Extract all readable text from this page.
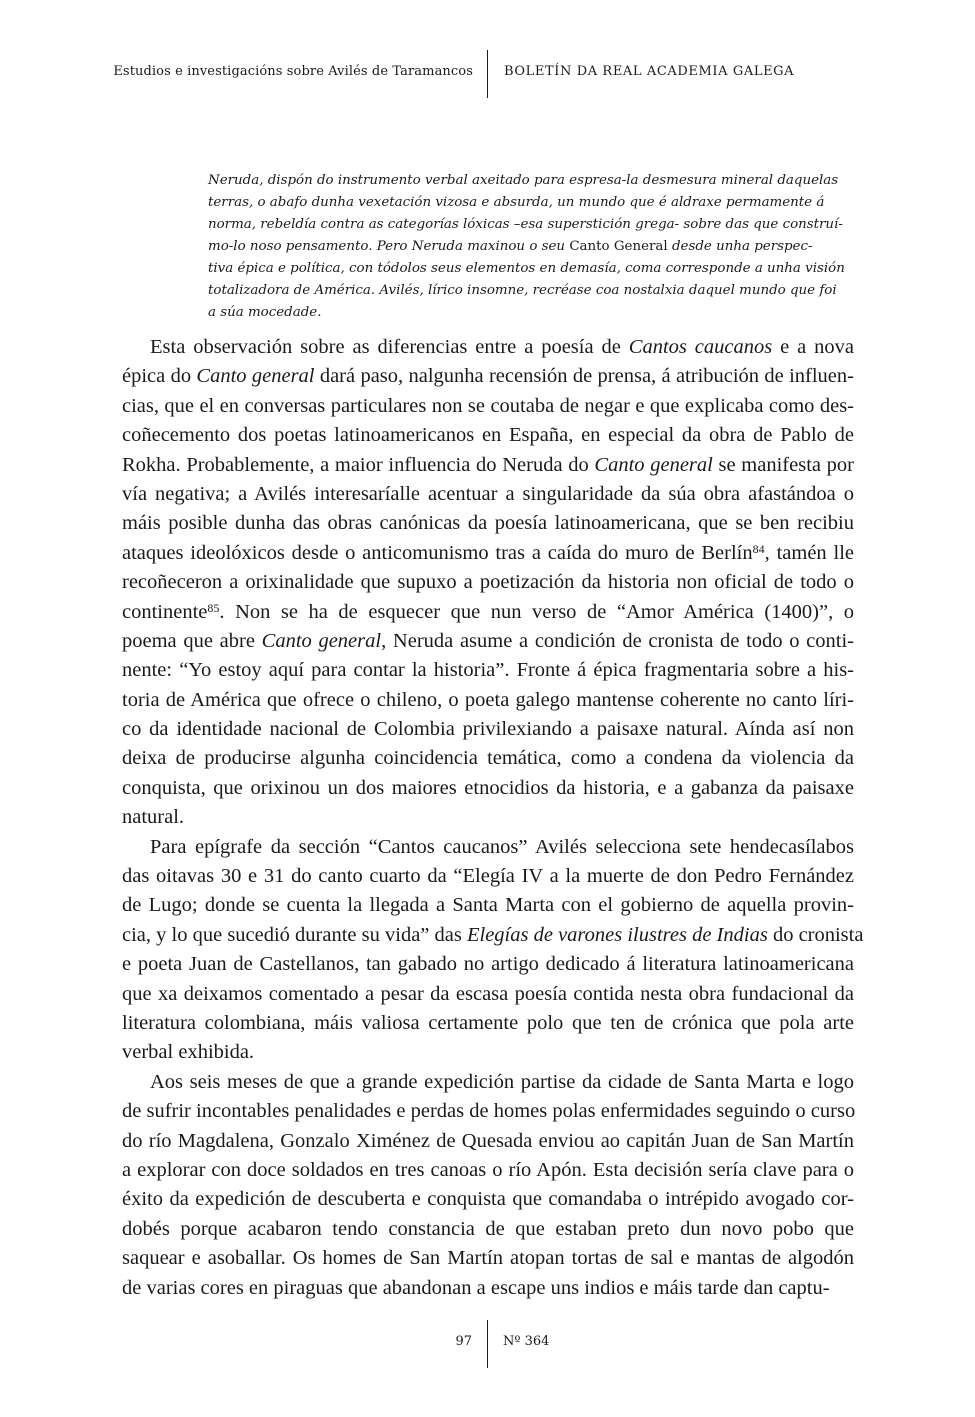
Estudios e investigacións sobre Avilés de Taramancos BOLETÍN DA REAL ACADEMIA GALEGA
Neruda, dispón do instrumento verbal axeitado para espresa-la desmesura mineral daquelas
terras, o abafo dunha vexetación vizosa e absurda, un mundo que é aldraxe permamente á
norma, rebeldía contra as categorías lóxicas –esa superstición grega- sobre das que construí-
mo-lo noso pensamento. Pero Neruda maxinou o seu Canto General desde unha perspec-
tiva épica e política, con tódolos seus elementos en demasía, coma corresponde a unha visión
totalizadora de América. Avilés, lírico insomne, recréase coa nostalxia daquel mundo que foi
a súa mocedade.
Esta observación sobre as diferencias entre a poesía de Cantos caucanos e a nova
épica do Canto general dará paso, nalgunha recensión de prensa, á atribución de influen-
cias, que el en conversas particulares non se coutaba de negar e que explicaba como des-
coñecemento dos poetas latinoamericanos en España, en especial da obra de Pablo de
Rokha. Probablemente, a maior influencia do Neruda do Canto general se manifesta por
vía negativa; a Avilés interesaríalle acentuar a singularidade da súa obra afastándoa o
máis posible dunha das obras canónicas da poesía latinoamericana, que se ben recibiu
ataques ideolóxicos desde o anticomunismo tras a caída do muro de Berlín$^{84}$, tamén lle
recoñeceron a orixinalidade que supuxo a poetización da historia non oficial de todo o
continente$^{85}$. Non se ha de esquecer que nun verso de “Amor América (1400)”, o
poema que abre Canto general, Neruda asume a condición de cronista de todo o conti-
nente: “Yo estoy aquí para contar la historia”. Fronte á épica fragmentaria sobre a his-
toria de América que ofrece o chileno, o poeta galego mantense coherente no canto líri-
co da identidade nacional de Colombia privilexiando a paisaxe natural. Aínda así non
deixa de producirse algunha coincidencia temática, como a condena da violencia da
conquista, que orixinou un dos maiores etnocidios da historia, e a gabanza da paisaxe
natural.
Para epígrafe da sección “Cantos caucanos” Avilés selecciona sete hendecasílabos
das oitavas 30 e 31 do canto cuarto da “Elegía IV a la muerte de don Pedro Fernández
de Lugo; donde se cuenta la llegada a Santa Marta con el gobierno de aquella provin-
cia, y lo que sucedió durante su vida” das Elegías de varones ilustres de Indias do cronista
e poeta Juan de Castellanos, tan gabado no artigo dedicado á literatura latinoamericana
que xa deixamos comentado a pesar da escasa poesía contida nesta obra fundacional da
literatura colombiana, máis valiosa certamente polo que ten de crónica que pola arte
verbal exhibida.
Aos seis meses de que a grande expedición partise da cidade de Santa Marta e logo
de sufrir incontables penalidades e perdas de homes polas enfermidades seguindo o curso
do río Magdalena, Gonzalo Ximénez de Quesada enviou ao capitán Juan de San Martín
a explorar con doce soldados en tres canoas o río Apón. Esta decisión sería clave para o
éxito da expedición de descuberta e conquista que comandaba o intrépido avogado cor-
dobés porque acabaron tendo constancia de que estaban preto dun novo pobo que
saquear e asoballar. Os homes de San Martín atopan tortas de sal e mantas de algodón
de varias cores en piraguas que abandonan a escape uns indios e máis tarde dan captu-
97 Nº 364
